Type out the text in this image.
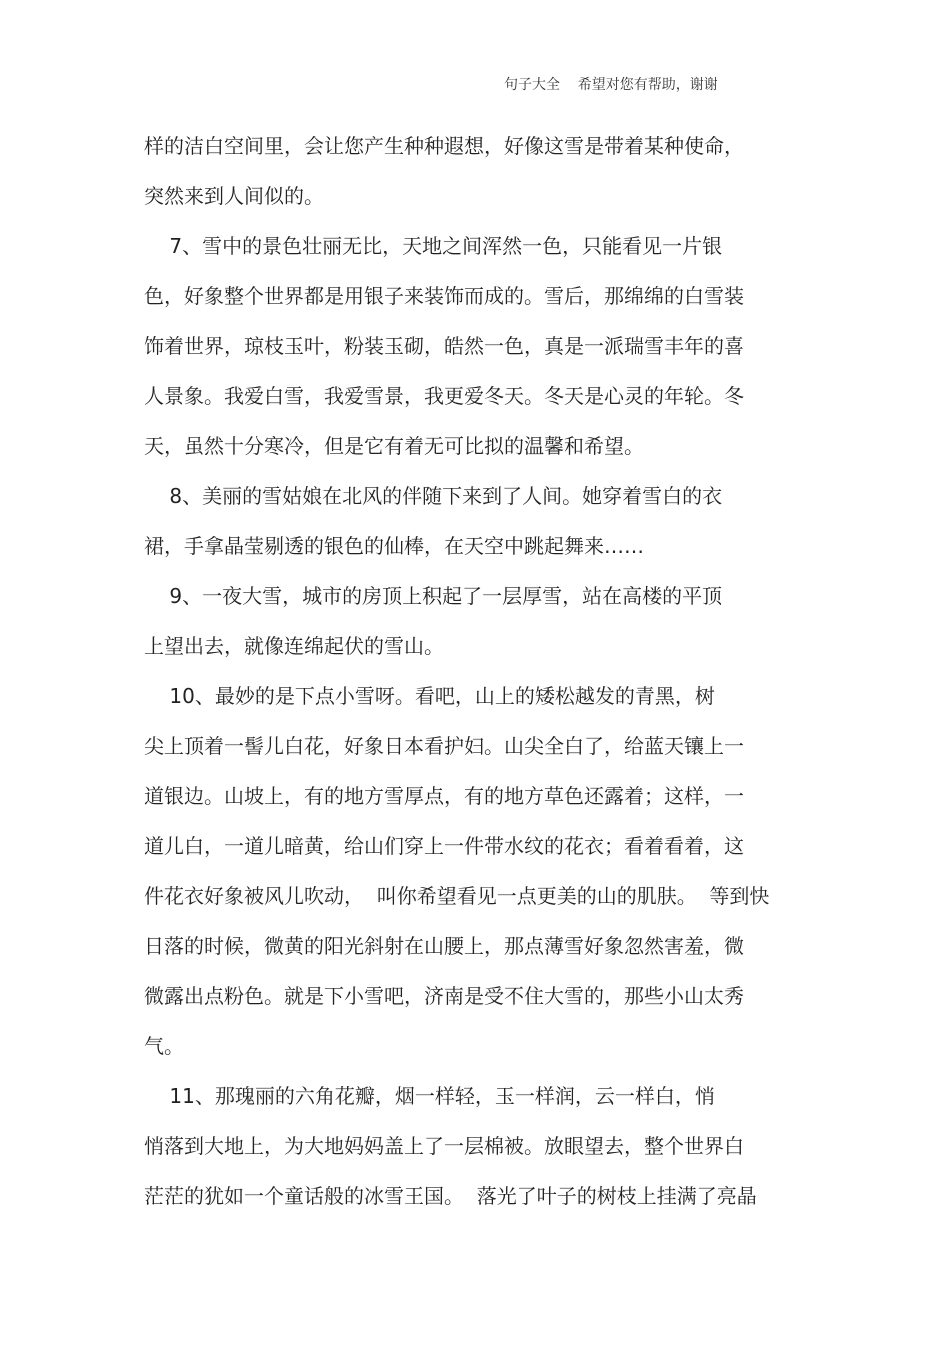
句子大全    希望对您有帮助，谢谢
样的洁白空间里，会让您产生种种遐想，好像这雪是带着某种使命，
突然来到人间似的。
7、雪中的景色壮丽无比，天地之间浑然一色，只能看见一片银
色，好象整个世界都是用银子来装饰而成的。雪后，那绵绵的白雪装
饰着世界，琼枝玉叶，粉装玉砌，皓然一色，真是一派瑞雪丰年的喜
人景象。我爱白雪，我爱雪景，我更爱冬天。冬天是心灵的年轮。冬
天，虽然十分寒冷，但是它有着无可比拟的温馨和希望。
8、美丽的雪姑娘在北风的伴随下来到了人间。她穿着雪白的衣
裙，手拿晶莹剔透的银色的仙棒，在天空中跳起舞来……
9、一夜大雪，城市的房顶上积起了一层厚雪，站在高楼的平顶
上望出去，就像连绵起伏的雪山。
10、最妙的是下点小雪呀。看吧，山上的矮松越发的青黑，树
尖上顶着一髻儿白花，好象日本看护妇。山尖全白了，给蓝天镶上一
道银边。山坡上，有的地方雪厚点，有的地方草色还露着；这样，一
道儿白，一道儿暗黄，给山们穿上一件带水纹的花衣；看着看着，这
件花衣好象被风儿吹动，  叫你希望看见一点更美的山的肌肤。  等到快
日落的时候，微黄的阳光斜射在山腰上，那点薄雪好象忽然害羞，微
微露出点粉色。就是下小雪吧，济南是受不住大雪的，那些小山太秀
气。
11、那瑰丽的六角花瓣，烟一样轻，玉一样润，云一样白，悄
悄落到大地上，为大地妈妈盖上了一层棉被。放眼望去，整个世界白
茫茫的犹如一个童话般的冰雪王国。  落光了叶子的树枝上挂满了亮晶
